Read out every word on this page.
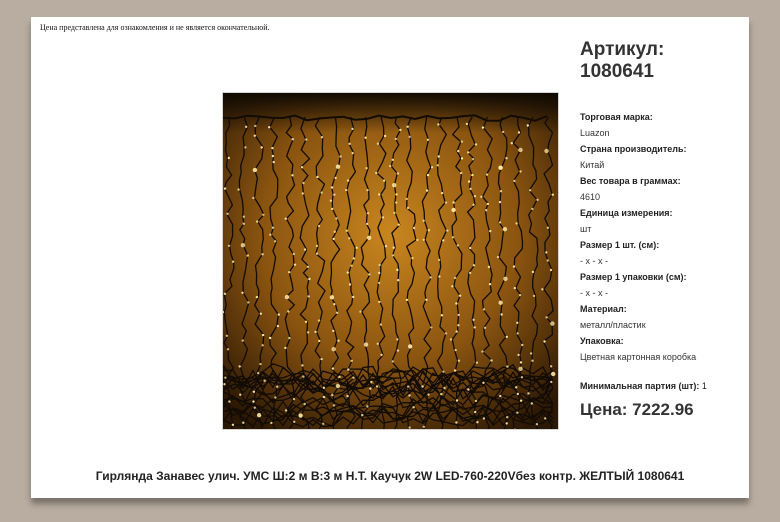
Цена представлена для ознакомления и не является окончательной.
Артикул:
1080641
Торговая марка:
Luazon
Страна производитель:
Китай
Вес товара в граммах:
4610
Единица измерения:
шт
Размер 1 шт. (см):
- x - x -
Размер 1 упаковки (см):
- x - x -
Материал:
металл/пластик
Упаковка:
Цветная картонная коробка
Минимальная партия (шт): 1
Цена: 7222.96
Гирлянда Занавес улич. УМС Ш:2 м В:3 м Н.Т. Каучук 2W LED-760-220Vбез контр. ЖЕЛТЫЙ 1080641
